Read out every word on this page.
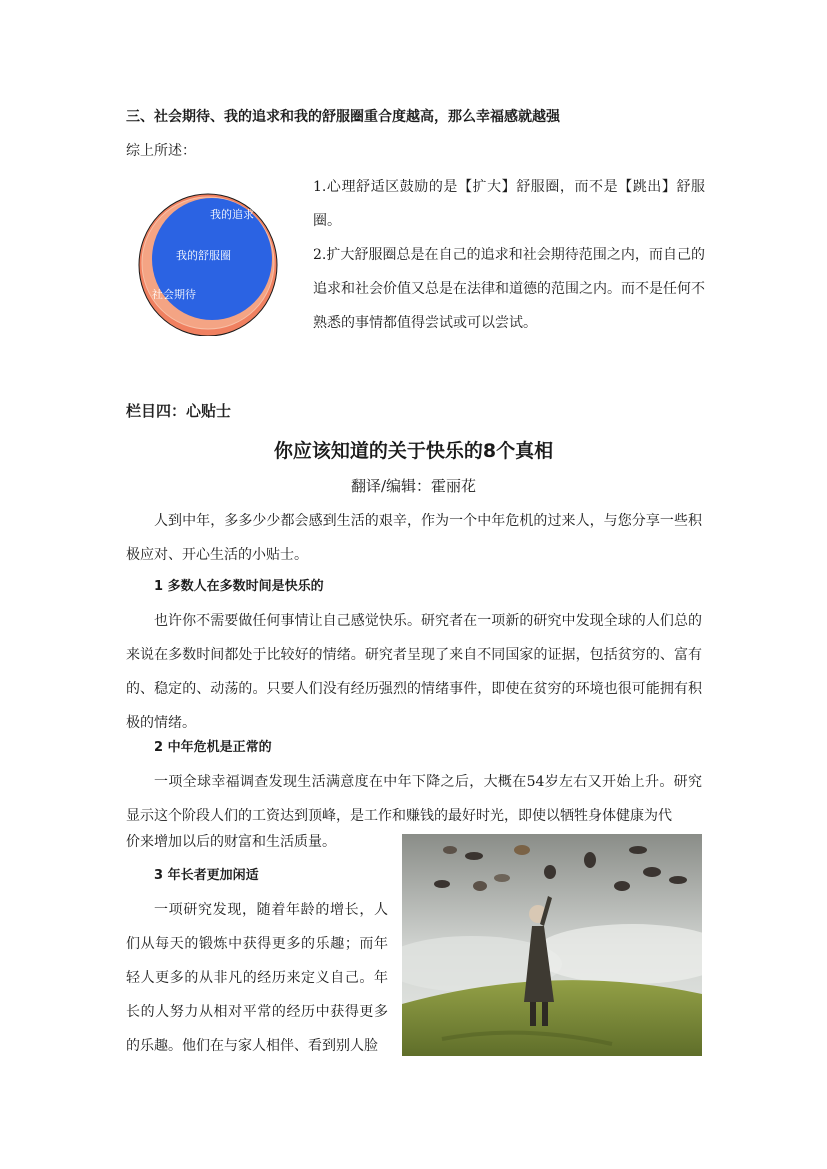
三、社会期待、我的追求和我的舒服圈重合度越高，那么幸福感就越强
综上所述：
我的追求
我的舒服圈
社会期待

1.心理舒适区鼓励的是【扩大】舒服圈，而不是【跳出】舒服圈。

2.扩大舒服圈总是在自己的追求和社会期待范围之内，而自己的追求和社会价值又总是在法律和道德的范围之内。而不是任何不熟悉的事情都值得尝试或可以尝试。

栏目四：心贴士
你应该知道的关于快乐的8个真相
翻译/编辑：霍丽花

人到中年，多多少少都会感到生活的艰辛，作为一个中年危机的过来人，与您分享一些积极应对、开心生活的小贴士。

1 多数人在多数时间是快乐的

也许你不需要做任何事情让自己感觉快乐。研究者在一项新的研究中发现全球的人们总的来说在多数时间都处于比较好的情绪。研究者呈现了来自不同国家的证据，包括贫穷的、富有的、稳定的、动荡的。只要人们没有经历强烈的情绪事件，即使在贫穷的环境也很可能拥有积极的情绪。

2 中年危机是正常的

一项全球幸福调查发现生活满意度在中年下降之后，大概在54岁左右又开始上升。研究显示这个阶段人们的工资达到顶峰，是工作和赚钱的最好时光，即使以牺牲身体健康为代

价来增加以后的财富和生活质量。

3 年长者更加闲适

一项研究发现，随着年龄的增长，人们从每天的锻炼中获得更多的乐趣；而年轻人更多的从非凡的经历来定义自己。年长的人努力从相对平常的经历中获得更多的乐趣。他们在与家人相伴、看到别人脸
